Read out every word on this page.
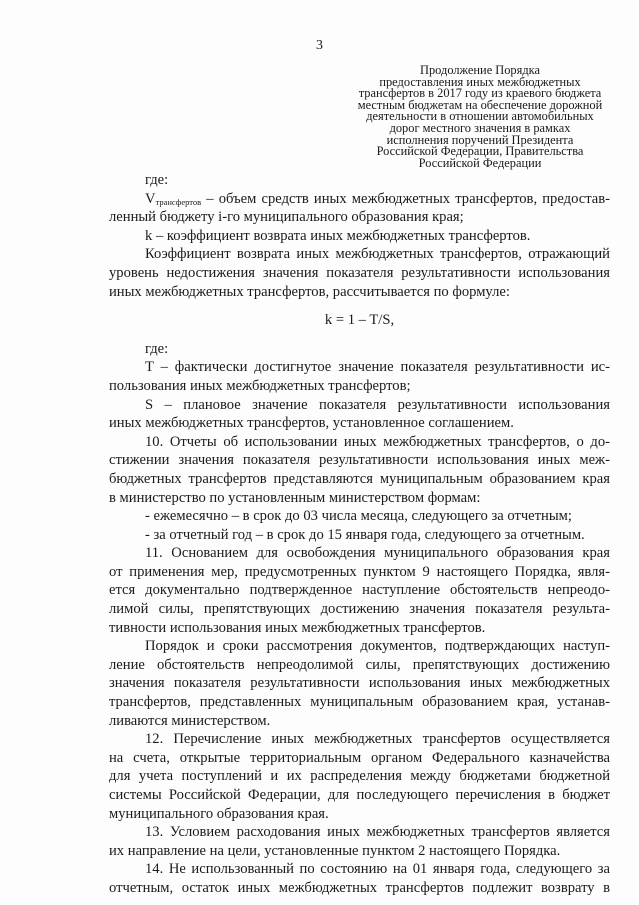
3
Продолжение Порядка
предоставления иных межбюджетных
трансфертов в 2017 году из краевого бюджета
местным бюджетам на обеспечение дорожной
деятельности в отношении автомобильных
дорог местного значения в рамках
исполнения поручений Президента
Российской Федерации, Правительства
Российской Федерации

где:

$V_{трансфертов}$ – объем средств иных межбюджетных трансфертов, предостав-

ленный бюджету i-го муниципального образования края;

k – коэффициент возврата иных межбюджетных трансфертов.

Коэффициент возврата иных межбюджетных трансфертов, отражающий

уровень недостижения значения показателя результативности использования

иных межбюджетных трансфертов, рассчитывается по формуле:

k = 1 – T/S,

где:

T – фактически достигнутое значение показателя результативности ис-

пользования иных межбюджетных трансфертов;

S – плановое значение показателя результативности использования

иных межбюджетных трансфертов, установленное соглашением.

10. Отчеты об использовании иных межбюджетных трансфертов, о до-

стижении значения показателя результативности использования иных меж-

бюджетных трансфертов представляются муниципальным образованием края

в министерство по установленным министерством формам:

- ежемесячно – в срок до 03 числа месяца, следующего за отчетным;

- за отчетный год – в срок до 15 января года, следующего за отчетным.

11. Основанием для освобождения муниципального образования края

от применения мер, предусмотренных пунктом 9 настоящего Порядка, явля-

ется документально подтвержденное наступление обстоятельств непреодо-

лимой силы, препятствующих достижению значения показателя результа-

тивности использования иных межбюджетных трансфертов.

Порядок и сроки рассмотрения документов, подтверждающих наступ-

ление обстоятельств непреодолимой силы, препятствующих достижению

значения показателя результативности использования иных межбюджетных

трансфертов, представленных муниципальным образованием края, устанав-

ливаются министерством.

12. Перечисление иных межбюджетных трансфертов осуществляется

на счета, открытые территориальным органом Федерального казначейства

для учета поступлений и их распределения между бюджетами бюджетной

системы Российской Федерации, для последующего перечисления в бюджет

муниципального образования края.

13. Условием расходования иных межбюджетных трансфертов является

их направление на цели, установленные пунктом 2 настоящего Порядка.

14. Не использованный по состоянию на 01 января года, следующего за

отчетным, остаток иных межбюджетных трансфертов подлежит возврату в
